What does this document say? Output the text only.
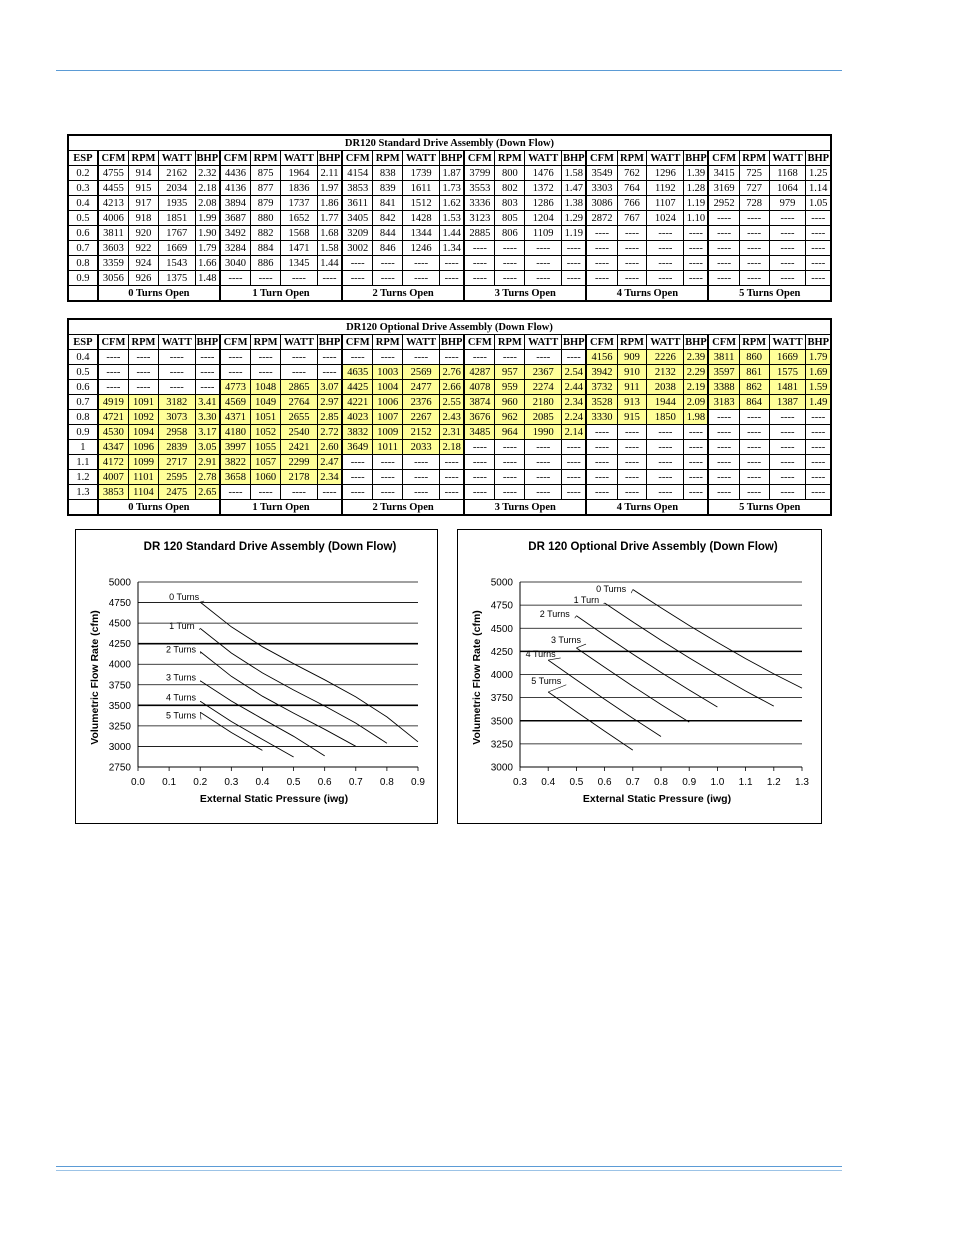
DR120 Standard Drive Assembly (Down Flow)																								
ESP	CFM	RPM	WATT	BHP	CFM	RPM	WATT	BHP	CFM	RPM	WATT	BHP	CFM	RPM	WATT	BHP	CFM	RPM	WATT	BHP	CFM	RPM	WATT	BHP
0.2	4755	914	2162	2.32	4436	875	1964	2.11	4154	838	1739	1.87	3799	800	1476	1.58	3549	762	1296	1.39	3415	725	1168	1.25
0.3	4455	915	2034	2.18	4136	877	1836	1.97	3853	839	1611	1.73	3553	802	1372	1.47	3303	764	1192	1.28	3169	727	1064	1.14
0.4	4213	917	1935	2.08	3894	879	1737	1.86	3611	841	1512	1.62	3336	803	1286	1.38	3086	766	1107	1.19	2952	728	979	1.05
0.5	4006	918	1851	1.99	3687	880	1652	1.77	3405	842	1428	1.53	3123	805	1204	1.29	2872	767	1024	1.10	----	----	----	----
0.6	3811	920	1767	1.90	3492	882	1568	1.68	3209	844	1344	1.44	2885	806	1109	1.19	----	----	----	----	----	----	----	----
0.7	3603	922	1669	1.79	3284	884	1471	1.58	3002	846	1246	1.34	----	----	----	----	----	----	----	----	----	----	----	----
0.8	3359	924	1543	1.66	3040	886	1345	1.44	----	----	----	----	----	----	----	----	----	----	----	----	----	----	----	----
0.9	3056	926	1375	1.48	----	----	----	----	----	----	----	----	----	----	----	----	----	----	----	----	----	----	----	----
	0 Turns Open				1 Turn Open				2 Turns Open				3 Turns Open				4 Turns Open				5 Turns Open			
DR120 Optional Drive Assembly (Down Flow)																								
ESP	CFM	RPM	WATT	BHP	CFM	RPM	WATT	BHP	CFM	RPM	WATT	BHP	CFM	RPM	WATT	BHP	CFM	RPM	WATT	BHP	CFM	RPM	WATT	BHP
0.4	----	----	----	----	----	----	----	----	----	----	----	----	----	----	----	----	4156	909	2226	2.39	3811	860	1669	1.79
0.5	----	----	----	----	----	----	----	----	4635	1003	2569	2.76	4287	957	2367	2.54	3942	910	2132	2.29	3597	861	1575	1.69
0.6	----	----	----	----	4773	1048	2865	3.07	4425	1004	2477	2.66	4078	959	2274	2.44	3732	911	2038	2.19	3388	862	1481	1.59
0.7	4919	1091	3182	3.41	4569	1049	2764	2.97	4221	1006	2376	2.55	3874	960	2180	2.34	3528	913	1944	2.09	3183	864	1387	1.49
0.8	4721	1092	3073	3.30	4371	1051	2655	2.85	4023	1007	2267	2.43	3676	962	2085	2.24	3330	915	1850	1.98	----	----	----	----
0.9	4530	1094	2958	3.17	4180	1052	2540	2.72	3832	1009	2152	2.31	3485	964	1990	2.14	----	----	----	----	----	----	----	----
1	4347	1096	2839	3.05	3997	1055	2421	2.60	3649	1011	2033	2.18	----	----	----	----	----	----	----	----	----	----	----	----
1.1	4172	1099	2717	2.91	3822	1057	2299	2.47	----	----	----	----	----	----	----	----	----	----	----	----	----	----	----	----
1.2	4007	1101	2595	2.78	3658	1060	2178	2.34	----	----	----	----	----	----	----	----	----	----	----	----	----	----	----	----
1.3	3853	1104	2475	2.65	----	----	----	----	----	----	----	----	----	----	----	----	----	----	----	----	----	----	----	----
	0 Turns Open				1 Turn Open				2 Turns Open				3 Turns Open				4 Turns Open				5 Turns Open			
DR 120 Standard Drive Assembly (Down Flow)
5000
4750
4500
4250
4000
3750
3500
3250
3000
2750
0.0 0.1 0.2 0.3 0.4 0.5 0.6 0.7 0.8 0.9
External Static Pressure (iwg)
Volumetric Flow Rate (cfm)
0 Turns
1 Turn
2 Turns
3 Turns
4 Turns
5 Turns
DR 120 Optional Drive Assembly (Down Flow)
5000
4750
4500
4250
4000
3750
3500
3250
3000
0.3 0.4 0.5 0.6 0.7 0.8 0.9 1.0 1.1 1.2 1.3
External Static Pressure (iwg)
Volumetric Flow Rate (cfm)
0 Turns
1 Turn
2 Turns
3 Turns
4 Turns
5 Turns
